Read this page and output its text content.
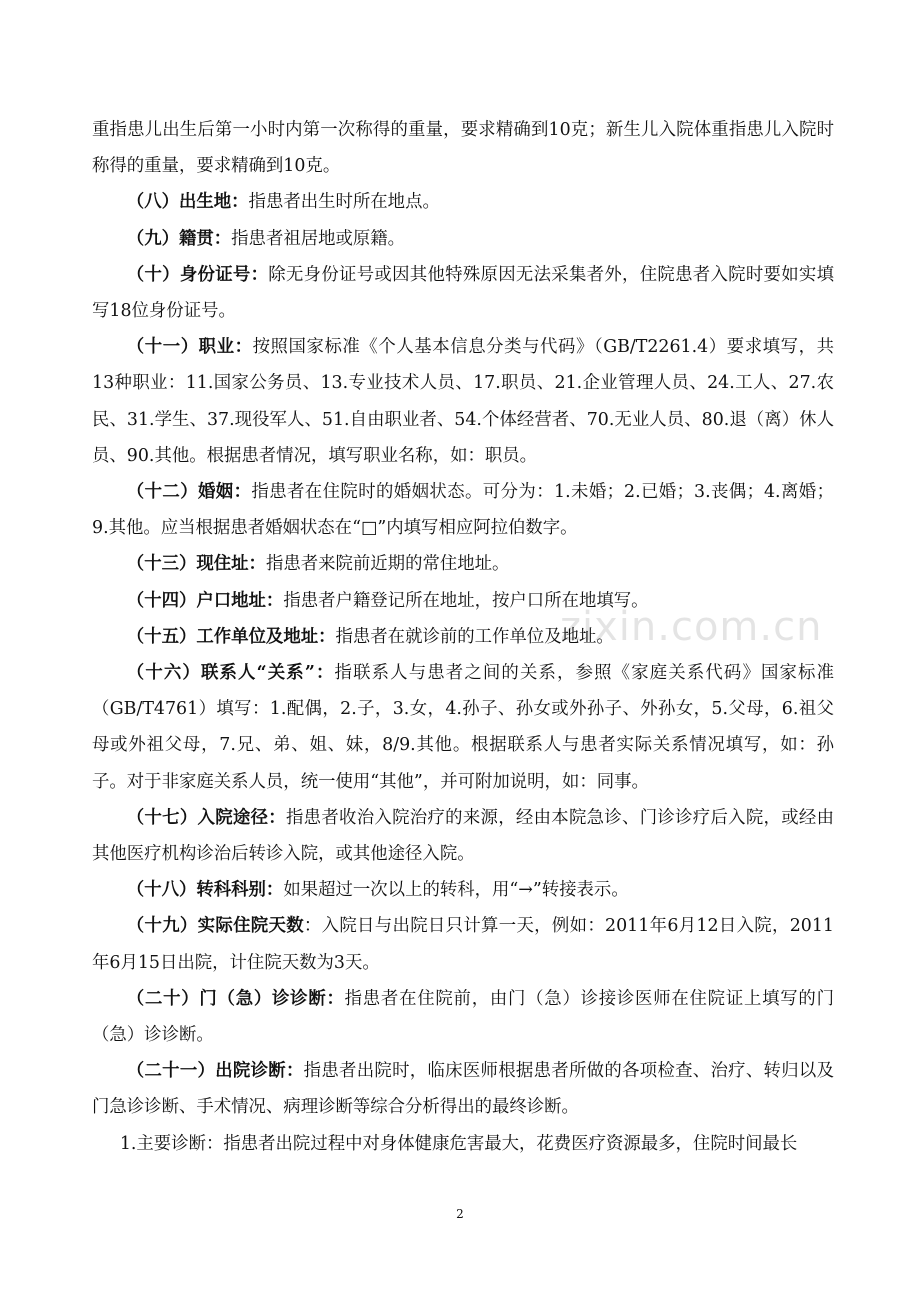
重指患儿出生后第一小时内第一次称得的重量，要求精确到10克；新生儿入院体重指患儿入院时称得的重量，要求精确到10克。

（八）出生地：指患者出生时所在地点。

（九）籍贯：指患者祖居地或原籍。

（十）身份证号：除无身份证号或因其他特殊原因无法采集者外，住院患者入院时要如实填写18位身份证号。

（十一）职业：按照国家标准《个人基本信息分类与代码》（GB/T2261.4）要求填写，共13种职业：11.国家公务员、13.专业技术人员、17.职员、21.企业管理人员、24.工人、27.农民、31.学生、37.现役军人、51.自由职业者、54.个体经营者、70.无业人员、80.退（离）休人员、90.其他。根据患者情况，填写职业名称，如：职员。

（十二）婚姻：指患者在住院时的婚姻状态。可分为：1.未婚；2.已婚；3.丧偶；4.离婚；9.其他。应当根据患者婚姻状态在“□”内填写相应阿拉伯数字。

（十三）现住址：指患者来院前近期的常住地址。

（十四）户口地址：指患者户籍登记所在地址，按户口所在地填写。

（十五）工作单位及地址：指患者在就诊前的工作单位及地址。

（十六）联系人“关系”：指联系人与患者之间的关系，参照《家庭关系代码》国家标准（GB/T4761）填写：1.配偶，2.子，3.女，4.孙子、孙女或外孙子、外孙女，5.父母，6.祖父母或外祖父母，7.兄、弟、姐、妹，8/9.其他。根据联系人与患者实际关系情况填写，如：孙子。对于非家庭关系人员，统一使用“其他”，并可附加说明，如：同事。

（十七）入院途径：指患者收治入院治疗的来源，经由本院急诊、门诊诊疗后入院，或经由其他医疗机构诊治后转诊入院，或其他途径入院。

（十八）转科科别：如果超过一次以上的转科，用“→”转接表示。

（十九）实际住院天数：入院日与出院日只计算一天，例如：2011年6月12日入院，2011年6月15日出院，计住院天数为3天。

（二十）门（急）诊诊断：指患者在住院前，由门（急）诊接诊医师在住院证上填写的门（急）诊诊断。

（二十一）出院诊断：指患者出院时，临床医师根据患者所做的各项检查、治疗、转归以及门急诊诊断、手术情况、病理诊断等综合分析得出的最终诊断。

1.主要诊断：指患者出院过程中对身体健康危害最大，花费医疗资源最多，住院时间最长

zixin.com.cn
2
